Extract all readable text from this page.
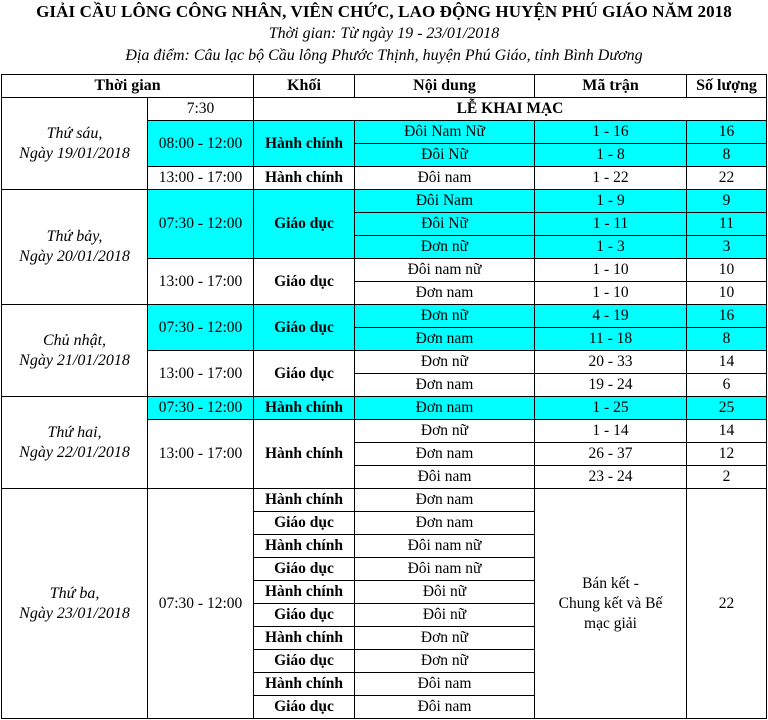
GIẢI CẦU LÔNG CÔNG NHÂN, VIÊN CHỨC, LAO ĐỘNG HUYỆN PHÚ GIÁO NĂM 2018
Thời gian: Từ ngày 19 - 23/01/2018
Địa điểm: Câu lạc bộ Cầu lông Phước Thịnh, huyện Phú Giáo, tỉnh Bình Dương
Thời gian		Khối	Nội dung	Mã trận	Số lượng
Thứ sáu,
Ngày 19/01/2018	7:30	LỄ KHAI MẠC			
	08:00 - 12:00	Hành chính	Đôi Nam Nữ	1 - 16	16
			Đôi Nữ	1 - 8	8
	13:00 - 17:00	Hành chính	Đôi nam	1 - 22	22
Thứ bảy,
Ngày 20/01/2018	07:30 - 12:00	Giáo dục	Đôi Nam	1 - 9	9
			Đôi Nữ	1 - 11	11
			Đơn nữ	1 - 3	3
	13:00 - 17:00	Giáo dục	Đôi nam nữ	1 - 10	10
			Đơn nam	1 - 10	10
Chủ nhật,
Ngày 21/01/2018	07:30 - 12:00	Giáo dục	Đơn nữ	4 - 19	16
			Đơn nam	11 - 18	8
	13:00 - 17:00	Giáo dục	Đơn nữ	20 - 33	14
			Đơn nam	19 - 24	6
Thứ hai,
Ngày 22/01/2018	07:30 - 12:00	Hành chính	Đơn nam	1 - 25	25
	13:00 - 17:00	Hành chính	Đơn nữ	1 - 14	14
			Đơn nam	26 - 37	12
			Đôi nam	23 - 24	2
Thứ ba,
Ngày 23/01/2018	07:30 - 12:00	Hành chính	Đơn nam	Bán kết -
Chung kết và Bế
mạc giải	22
		Giáo dục	Đơn nam		
		Hành chính	Đôi nam nữ		
		Giáo dục	Đôi nam nữ		
		Hành chính	Đôi nữ		
		Giáo dục	Đôi nữ		
		Hành chính	Đơn nữ		
		Giáo dục	Đơn nữ		
		Hành chính	Đôi nam		
		Giáo dục	Đôi nam		
